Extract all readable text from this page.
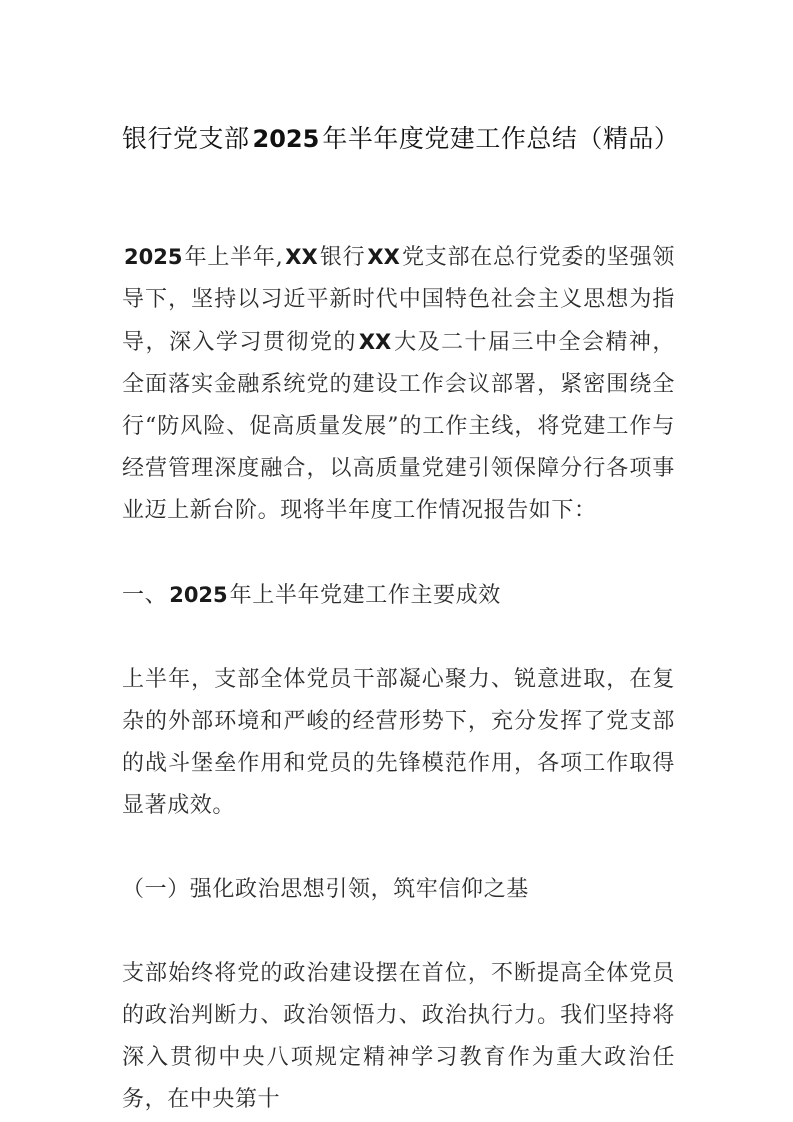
银行党支部 2025 年半年度党建工作总结（精品）

2025年上半年,XX银行XX党支部在总行党委的坚强领导下，坚持以习近平新时代中国特色社会主义思想为指导，深入学习贯彻党的XX大及二十届三中全会精神，全面落实金融系统党的建设工作会议部署，紧密围绕全行“防风险、促高质量发展”的工作主线，将党建工作与经营管理深度融合，以高质量党建引领保障分行各项事业迈上新台阶。现将半年度工作情况报告如下：

一、2025年上半年党建工作主要成效

上半年，支部全体党员干部凝心聚力、锐意进取，在复杂的外部环境和严峻的经营形势下，充分发挥了党支部的战斗堡垒作用和党员的先锋模范作用，各项工作取得显著成效。

（一）强化政治思想引领，筑牢信仰之基

支部始终将党的政治建设摆在首位，不断提高全体党员的政治判断力、政治领悟力、政治执行力。我们坚持将深入贯彻中央八项规定精神学习教育作为重大政治任务，在中央第十
